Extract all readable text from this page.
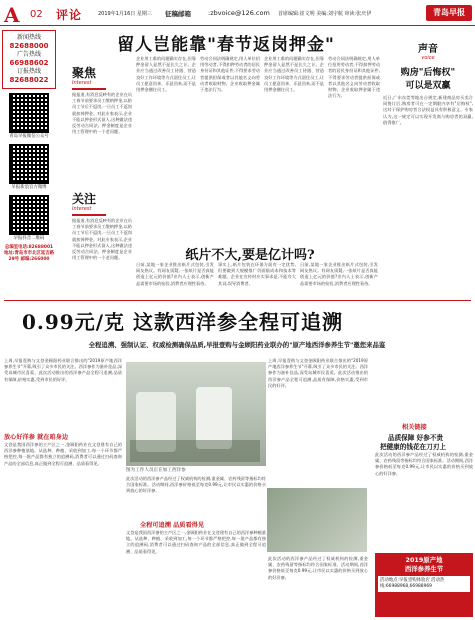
A 02 评论	2019年1月16日 星期三 征稿邮箱	:zbvoice@126.com 首席编辑:崔文明 美编:刘宇航 审读:张庆伊	青岛早报
新闻热线
82688000
广告热线
66988602
订报热线
82688022
青岛早报微信公众号
早报新浪官方微博
早报抖音二维码
总编室电话:82688001 地址:青岛市市北区延吉路29号 邮编:266000
留人岂能靠"春节返岗押金"
聚焦
Interest
据报道,有消息反映有的企业在员工春节前要求员工缴纳押金,以防员工节后不返岗,一旦员工不返岗就扣掉押金。对此专家表示,企业不能以押金形式留人,这种做法违反劳动合同法。押金制度是企业用工管理中的一个老问题。
企业用工难的问题确实存在,但靠押金留人显然不是长久之计。企业应当通过改善员工待遇、营造良好工作环境等方式留住员工,让员工愿意回来、乐意回来,而不是用押金捆住员工。
劳动合同法明确规定,用人单位招用劳动者,不得扣押劳动者的居民身份证和其他证件,不得要求劳动者提供担保或者以其他名义向劳动者收取财物。企业收取押金属于违法行为。
企业用工难的问题确实存在,但靠押金留人显然不是长久之计。企业应当通过改善员工待遇、营造良好工作环境等方式留住员工,让员工愿意回来、乐意回来,而不是用押金捆住员工。
劳动合同法明确规定,用人单位招用劳动者,不得扣押劳动者的居民身份证和其他证件,不得要求劳动者提供担保或者以其他名义向劳动者收取财物。企业收取押金属于违法行为。
关注
Interest
据报道,有消息反映有的企业在员工春节前要求员工缴纳押金,以防员工节后不返岗,一旦员工不返岗就扣掉押金。对此专家表示,企业不能以押金形式留人,这种做法违反劳动合同法。押金制度是企业用工管理中的一个老问题。	纸片不大,要是亿计吗?
日前,某地一家企业推出纸片式包装,引发网友热议。有网友质疑,一张纸片是否真能创造上亿元的价值?业内人士表示,创新产品需要市场的检验,消费者应理性看待。
事实上,纸片包装在环保方面有一定优势,但要做到大规模推广仍面临成本和技术等难题。企业在宣传时应实事求是,不能夸大其词,误导消费者。
日前,某地一家企业推出纸片式包装,引发网友热议。有网友质疑,一张纸片是否真能创造上亿元的价值?业内人士表示,创新产品需要市场的检验,消费者应理性看待。
声音
voice
购房"后悔权"
可以是双赢
近日,广东东莞等地出台规定,新建商品房买卖合同签订后,购房者可在一定期限内享有"后悔权",这对于保护购房者合法权益具有积极意义。专家认为,这一规定可以实现开发商与购房者的双赢,值得推广。
0.99元/克 这款西洋参全程可追溯
全程追溯、强制认证、权威检测确保品质,早报壹购与金顾阳药业联办的"原产地西洋参养生节"邀您来品鉴
上周,早报壹购与文登金顾阳药业联合推出的"2019原产地西洋参养生节"开幕,吸引了众多市民的关注。西洋参作为滋补佳品,深受岛城市民喜爱。此次活动推出的西洋参产品全程可追溯,品质有保障,价格实惠,受到市民的好评。
放心好洋参 就在咱身边
文登是我国西洋参的主产区之一,金顾阳药业在文登建有自己的西洋参种植基地。从选种、种植、采收到加工,每一个环节都严格把控,每一批产品都有独立的追溯码,消费者可以通过扫码查询产品的全部信息,真正做到全程可追溯、品质看得见。
图为工作人员正在加工西洋参
全程可追溯 品质看得见
此次活动的西洋参产品经过了权威机构的检测,重金属、农药残留等指标均符合国家标准。活动期间,西洋参价格低至每克0.99元,让市民以实惠的价格买到放心的好洋参。
文登是我国西洋参的主产区之一,金顾阳药业在文登建有自己的西洋参种植基地。从选种、种植、采收到加工,每一个环节都严格把控,每一批产品都有独立的追溯码,消费者可以通过扫码查询产品的全部信息,真正做到全程可追溯、品质看得见。
上周,早报壹购与文登金顾阳药业联合推出的"2019原产地西洋参养生节"开幕,吸引了众多市民的关注。西洋参作为滋补佳品,深受岛城市民喜爱。此次活动推出的西洋参产品全程可追溯,品质有保障,价格实惠,受到市民的好评。
此次活动的西洋参产品经过了权威机构的检测,重金属、农药残留等指标均符合国家标准。活动期间,西洋参价格低至每克0.99元,让市民以实惠的价格买到放心的好洋参。
相关链接
品质保障 好参不贵
把健康的钱花在刀刃上
此次活动的西洋参产品经过了权威机构的检测,重金属、农药残留等指标均符合国家标准。活动期间,西洋参价格低至每克0.99元,让市民以实惠的价格买到放心的好洋参。
2019原产地
西洋参养生节
活动地点:早报壹购体验店 活动热线:66988968,66988969
